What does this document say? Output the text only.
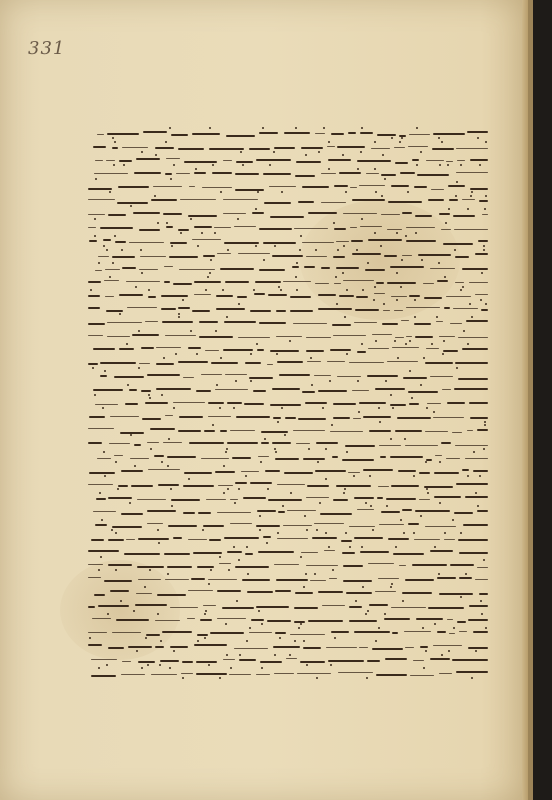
331
